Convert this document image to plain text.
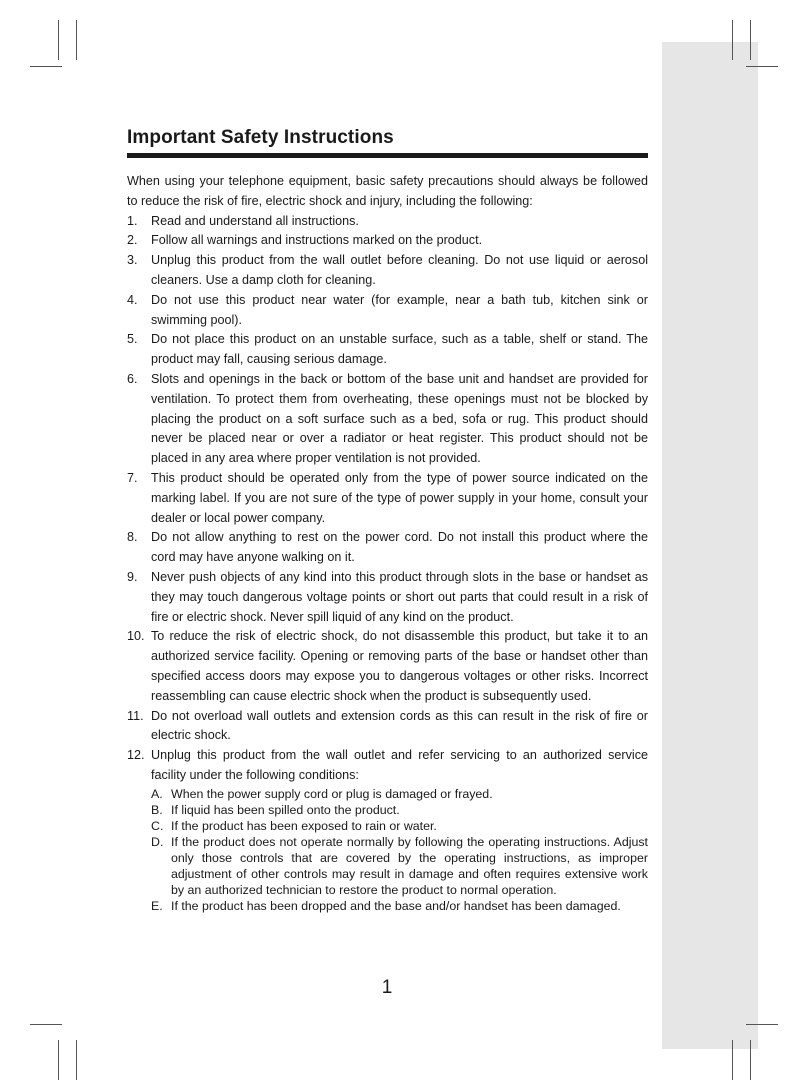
Important Safety Instructions

When using your telephone equipment, basic safety precautions should always be followed to reduce the risk of fire, electric shock and injury, including the following:

1. Read and understand all instructions.
2. Follow all warnings and instructions marked on the product.
3. Unplug this product from the wall outlet before cleaning. Do not use liquid or aerosol cleaners. Use a damp cloth for cleaning.
4. Do not use this product near water (for example, near a bath tub, kitchen sink or swimming pool).
5. Do not place this product on an unstable surface, such as a table, shelf or stand. The product may fall, causing serious damage.
6. Slots and openings in the back or bottom of the base unit and handset are provided for ventilation. To protect them from overheating, these openings must not be blocked by placing the product on a soft surface such as a bed, sofa or rug. This product should never be placed near or over a radiator or heat register. This product should not be placed in any area where proper ventilation is not provided.
7. This product should be operated only from the type of power source indicated on the marking label. If you are not sure of the type of power supply in your home, consult your dealer or local power company.
8. Do not allow anything to rest on the power cord. Do not install this product where the cord may have anyone walking on it.
9. Never push objects of any kind into this product through slots in the base or handset as they may touch dangerous voltage points or short out parts that could result in a risk of fire or electric shock. Never spill liquid of any kind on the product.
10. To reduce the risk of electric shock, do not disassemble this product, but take it to an authorized service facility. Opening or removing parts of the base or handset other than specified access doors may expose you to dangerous voltages or other risks. Incorrect reassembling can cause electric shock when the product is subsequently used.
11. Do not overload wall outlets and extension cords as this can result in the risk of fire or electric shock.
12. Unplug this product from the wall outlet and refer servicing to an authorized service facility under the following conditions:
A. When the power supply cord or plug is damaged or frayed.
B. If liquid has been spilled onto the product.
C. If the product has been exposed to rain or water.
D. If the product does not operate normally by following the operating instructions. Adjust only those controls that are covered by the operating instructions, as improper adjustment of other controls may result in damage and often requires extensive work by an authorized technician to restore the product to normal operation.
E. If the product has been dropped and the base and/or handset has been damaged.
1
